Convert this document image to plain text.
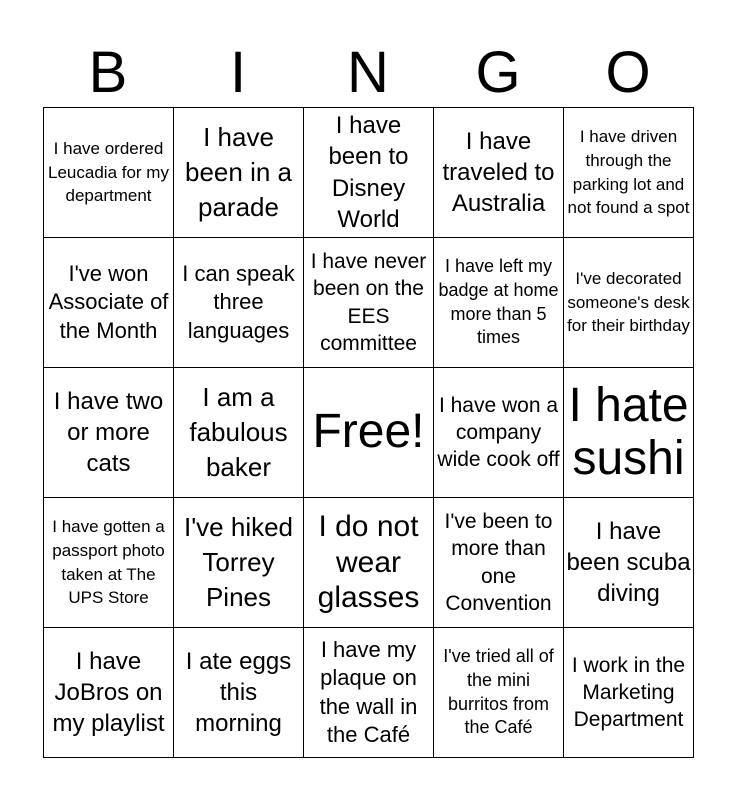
B	I	N	G	O
I have ordered Leucadia for my department	I have been in a parade	I have been to Disney World	I have traveled to Australia	I have driven through the parking lot and not found a spot
I've won Associate of the Month	I can speak three languages	I have never been on the EES committee	I have left my badge at home more than 5 times	I've decorated someone's desk for their birthday
I have two or more cats	I am a fabulous baker	Free!	I have won a company wide cook off	I hate sushi
I have gotten a passport photo taken at The UPS Store	I've hiked Torrey Pines	I do not wear glasses	I've been to more than one Convention	I have been scuba diving
I have JoBros on my playlist	I ate eggs this morning	I have my plaque on the wall in the Café	I've tried all of the mini burritos from the Café	I work in the Marketing Department
